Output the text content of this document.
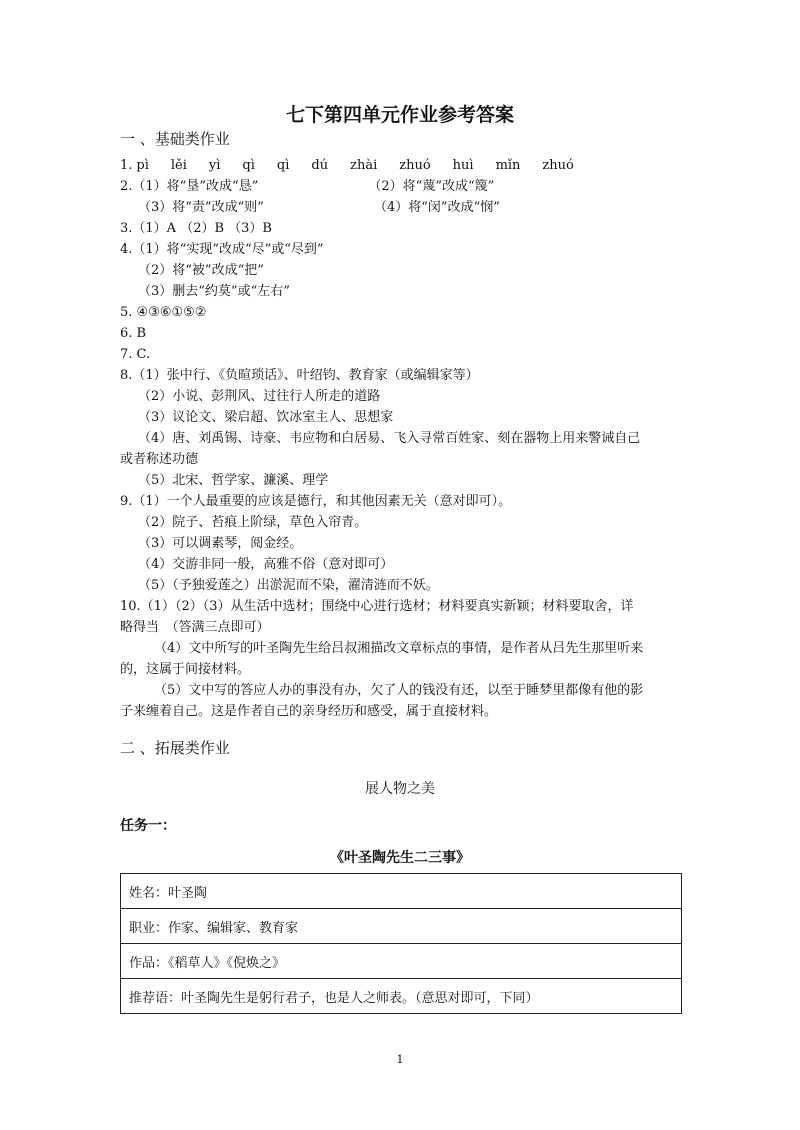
七下第四单元作业参考答案
一 、基础类作业
1. pì lěi yì qì qì dú zhài zhuó huì mǐn zhuó
2.（1）将“垦”改成“恳”	（2）将“蔑”改成“篾”
（3）将“责”改成“则”	（4）将“闵”改成“悯”
3.（1）A （2）B （3）B
4.（1）将“实现”改成“尽”或“尽到”
（2）将“被”改成“把”
（3）删去“约莫”或“左右”
5. ④③⑥①⑤②
6. B
7. C.
8.（1）张中行、《负暄琐话》、叶绍钧、教育家（或编辑家等）
（2）小说、彭荆风、过往行人所走的道路
（3）议论文、梁启超、饮冰室主人、思想家
（4）唐、刘禹锡、诗豪、韦应物和白居易、飞入寻常百姓家、刻在器物上用来警诫自己
或者称述功德
（5）北宋、哲学家、濂溪、理学
9.（1）一个人最重要的应该是德行，和其他因素无关（意对即可）。
（2）院子、苔痕上阶绿，草色入帘青。
（3）可以调素琴，阅金经。
（4）交游非同一般，高雅不俗（意对即可）
（5）（予独爱莲之）出淤泥而不染，濯清涟而不妖。
10.（1）（2）（3）从生活中选材；围绕中心进行选材；材料要真实新颖；材料要取舍，详
略得当　（答满三点即可）
（4）文中所写的叶圣陶先生给吕叔湘描改文章标点的事情，是作者从吕先生那里听来
的，这属于间接材料。
（5）文中写的答应人办的事没有办，欠了人的钱没有还，以至于睡梦里都像有他的影
子来缠着自己。这是作者自己的亲身经历和感受，属于直接材料。
二 、拓展类作业
展人物之美
任务一：
《叶圣陶先生二三事》
姓名：叶圣陶
职业：作家、编辑家、教育家
作品：《稻草人》《倪焕之》
推荐语：叶圣陶先生是躬行君子，也是人之师表。（意思对即可，下同）
1
